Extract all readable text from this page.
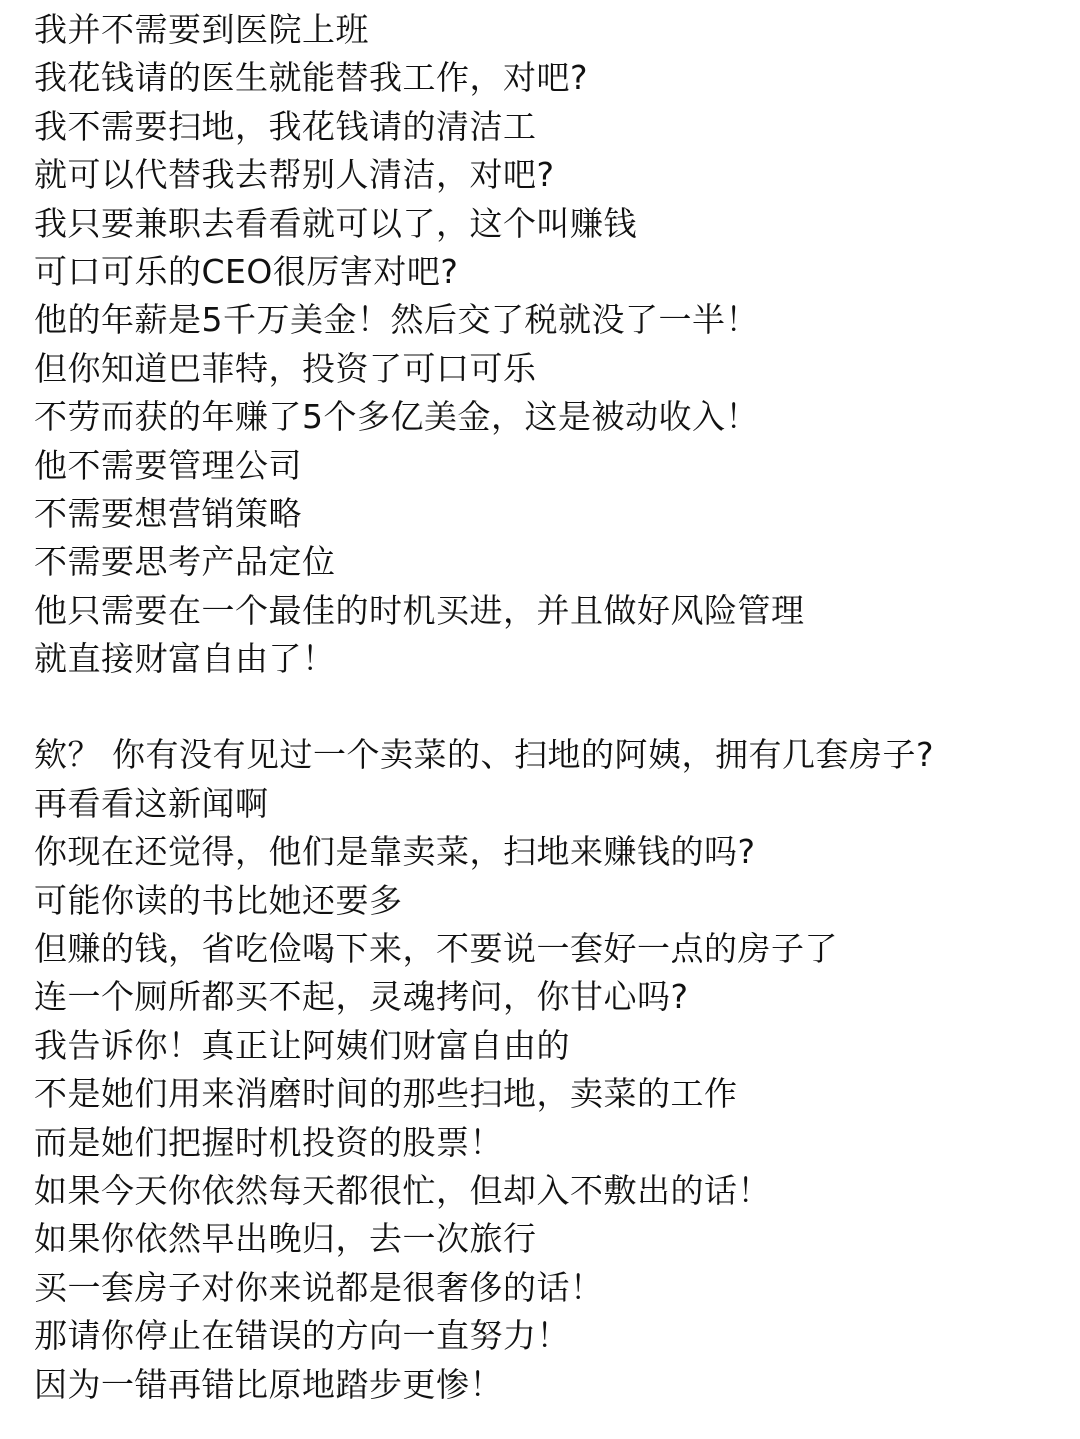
我并不需要到医院上班
我花钱请的医生就能替我工作，对吧?
我不需要扫地，我花钱请的清洁工
就可以代替我去帮别人清洁，对吧?
我只要兼职去看看就可以了，这个叫赚钱
可口可乐的CEO很厉害对吧?
他的年薪是5千万美金！然后交了税就没了一半！
但你知道巴菲特，投资了可口可乐
不劳而获的年赚了5个多亿美金，这是被动收入！
他不需要管理公司
不需要想营销策略
不需要思考产品定位
他只需要在一个最佳的时机买进，并且做好风险管理
就直接财富自由了！
欸？ 你有没有见过一个卖菜的、扫地的阿姨，拥有几套房子?
再看看这新闻啊
你现在还觉得，他们是靠卖菜，扫地来赚钱的吗?
可能你读的书比她还要多
但赚的钱，省吃俭喝下来，不要说一套好一点的房子了
连一个厕所都买不起，灵魂拷问，你甘心吗?
我告诉你！真正让阿姨们财富自由的
不是她们用来消磨时间的那些扫地，卖菜的工作
而是她们把握时机投资的股票！
如果今天你依然每天都很忙，但却入不敷出的话！
如果你依然早出晚归，去一次旅行
买一套房子对你来说都是很奢侈的话！
那请你停止在错误的方向一直努力！
因为一错再错比原地踏步更惨！
